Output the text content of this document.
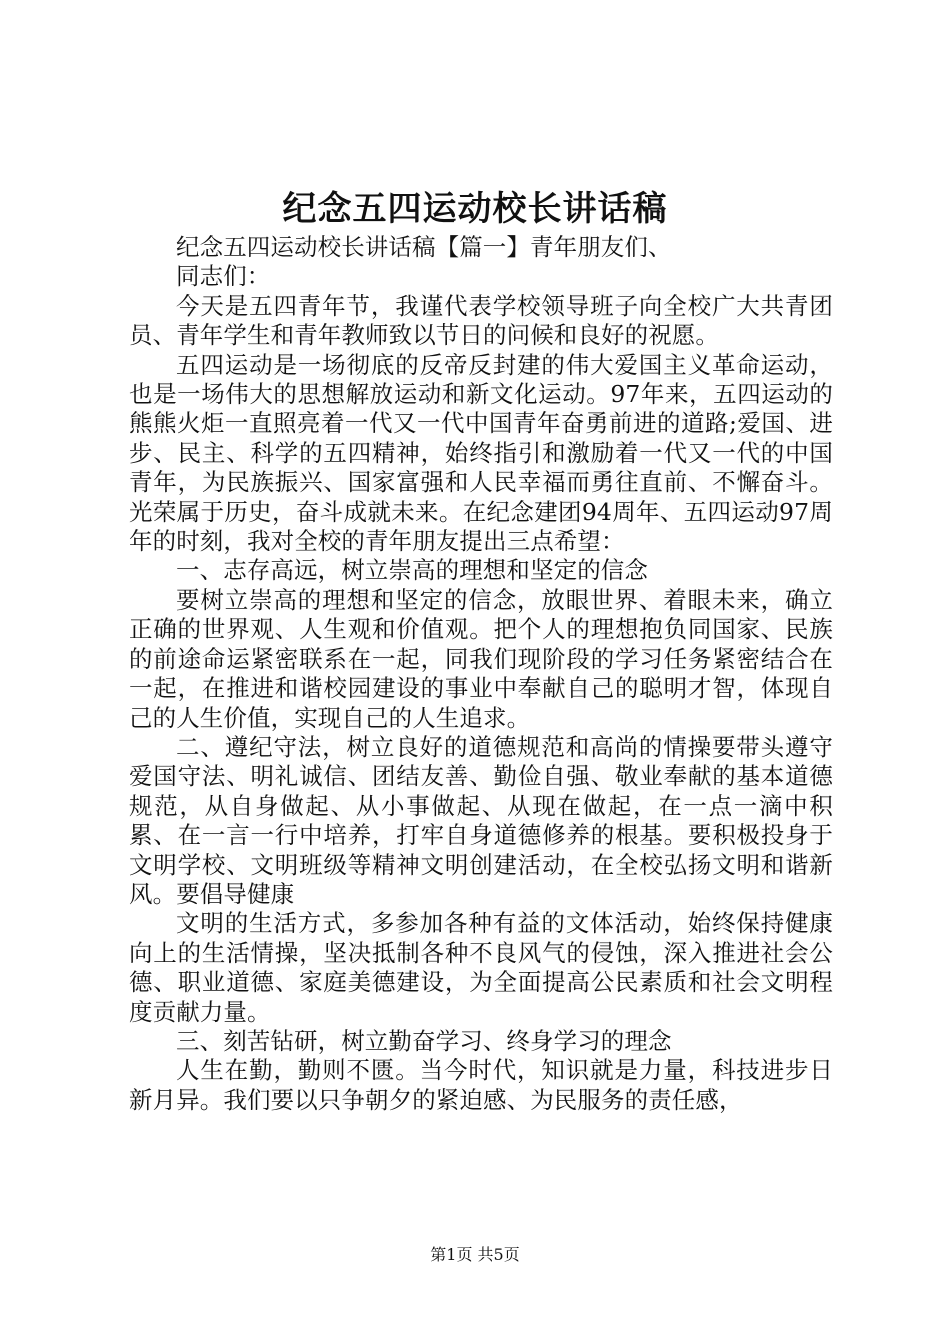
纪念五四运动校长讲话稿

纪念五四运动校长讲话稿【篇一】青年朋友们、

同志们：

今天是五四青年节，我谨代表学校领导班子向全校广大共青团员、青年学生和青年教师致以节日的问候和良好的祝愿。

五四运动是一场彻底的反帝反封建的伟大爱国主义革命运动，也是一场伟大的思想解放运动和新文化运动。97年来，五四运动的熊熊火炬一直照亮着一代又一代中国青年奋勇前进的道路;爱国、进步、民主、科学的五四精神，始终指引和激励着一代又一代的中国青年，为民族振兴、国家富强和人民幸福而勇往直前、不懈奋斗。光荣属于历史，奋斗成就未来。在纪念建团94周年、五四运动97周年的时刻，我对全校的青年朋友提出三点希望：

一、志存高远，树立崇高的理想和坚定的信念

要树立崇高的理想和坚定的信念，放眼世界、着眼未来，确立正确的世界观、人生观和价值观。把个人的理想抱负同国家、民族的前途命运紧密联系在一起，同我们现阶段的学习任务紧密结合在一起，在推进和谐校园建设的事业中奉献自己的聪明才智，体现自己的人生价值，实现自己的人生追求。

二、遵纪守法，树立良好的道德规范和高尚的情操要带头遵守爱国守法、明礼诚信、团结友善、勤俭自强、敬业奉献的基本道德规范，从自身做起、从小事做起、从现在做起，在一点一滴中积累、在一言一行中培养，打牢自身道德修养的根基。要积极投身于文明学校、文明班级等精神文明创建活动，在全校弘扬文明和谐新风。要倡导健康

文明的生活方式，多参加各种有益的文体活动，始终保持健康向上的生活情操，坚决抵制各种不良风气的侵蚀，深入推进社会公德、职业道德、家庭美德建设，为全面提高公民素质和社会文明程度贡献力量。

三、刻苦钻研，树立勤奋学习、终身学习的理念

人生在勤，勤则不匮。当今时代，知识就是力量，科技进步日新月异。我们要以只争朝夕的紧迫感、为民服务的责任感，

第1页 共5页
